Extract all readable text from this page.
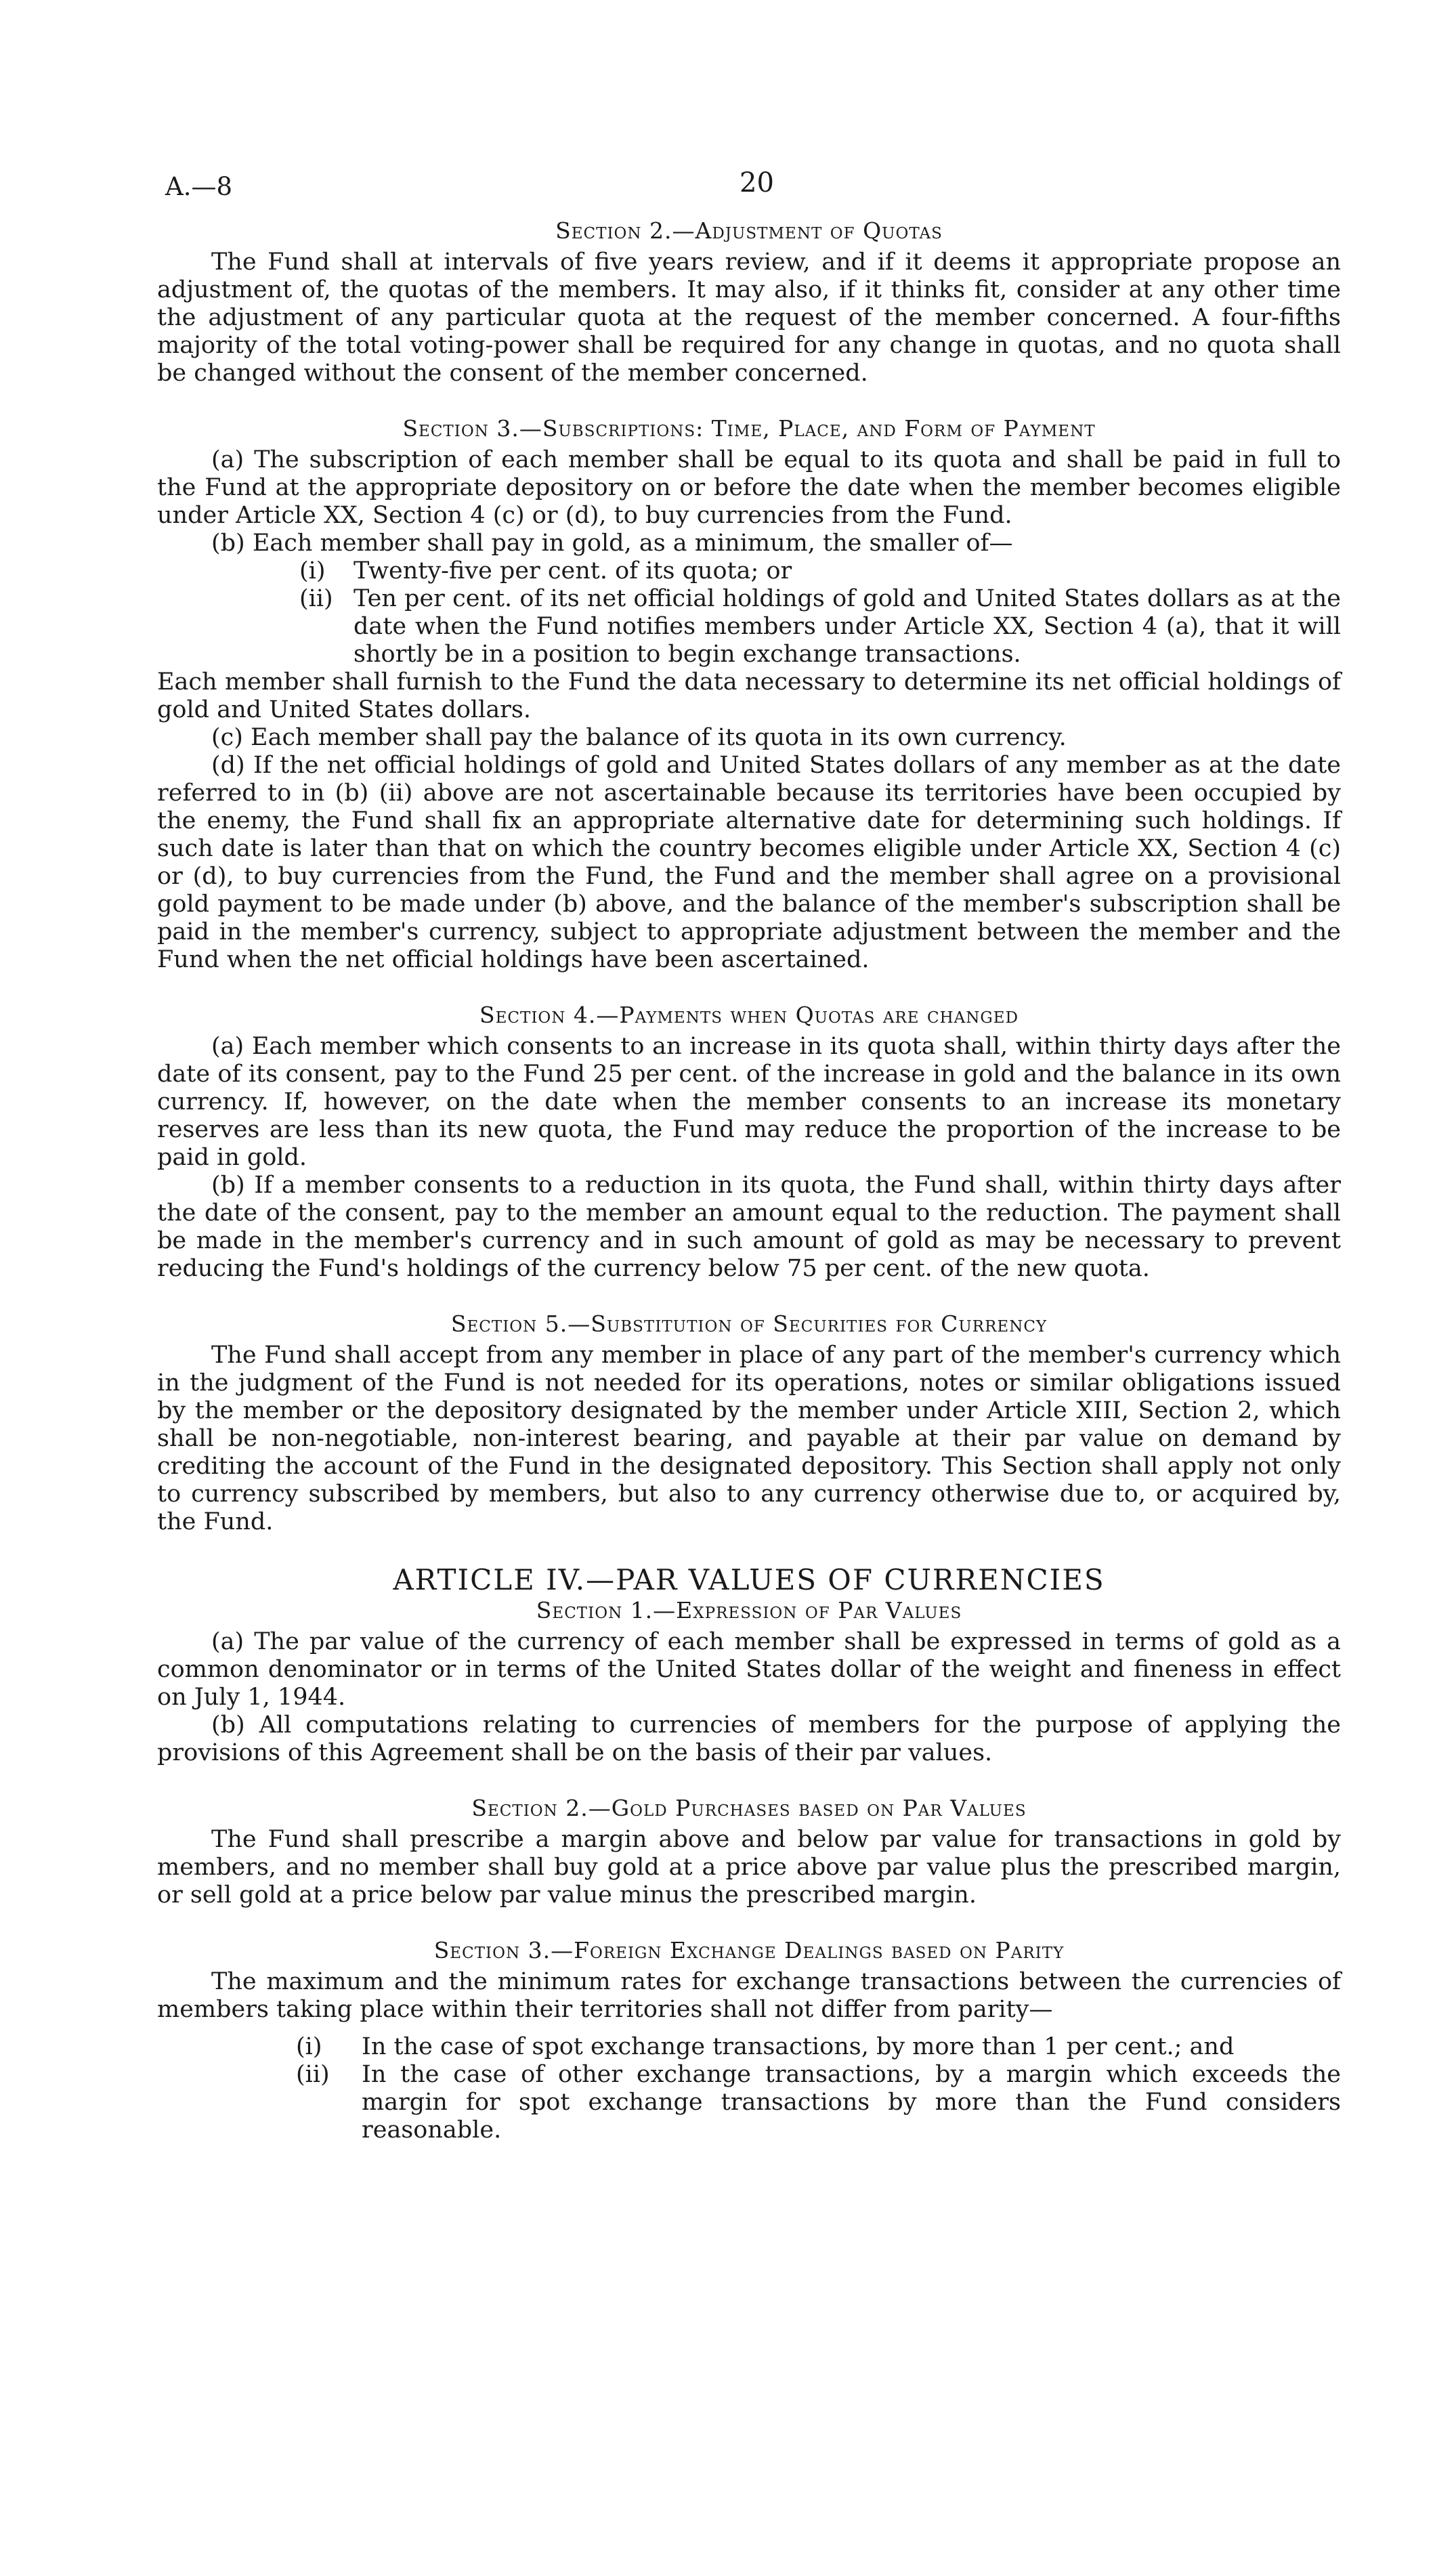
A.—8	20
Section 2.—Adjustment of Quotas

The Fund shall at intervals of five years review, and if it deems it appropriate propose an adjustment of, the quotas of the members. It may also, if it thinks fit, consider at any other time the adjustment of any particular quota at the request of the member concerned. A four-fifths majority of the total voting-power shall be required for any change in quotas, and no quota shall be changed without the consent of the member concerned.

Section 3.—Subscriptions: Time, Place, and Form of Payment

(a) The subscription of each member shall be equal to its quota and shall be paid in full to the Fund at the appropriate depository on or before the date when the member becomes eligible under Article XX, Section 4 (c) or (d), to buy currencies from the Fund.

(b) Each member shall pay in gold, as a minimum, the smaller of—

(i) Twenty-five per cent. of its quota; or
(ii) Ten per cent. of its net official holdings of gold and United States dollars as at the date when the Fund notifies members under Article XX, Section 4 (a), that it will shortly be in a position to begin exchange transactions.

Each member shall furnish to the Fund the data necessary to determine its net official holdings of gold and United States dollars.

(c) Each member shall pay the balance of its quota in its own currency.

(d) If the net official holdings of gold and United States dollars of any member as at the date referred to in (b) (ii) above are not ascertainable because its territories have been occupied by the enemy, the Fund shall fix an appropriate alternative date for determining such holdings. If such date is later than that on which the country becomes eligible under Article XX, Section 4 (c) or (d), to buy currencies from the Fund, the Fund and the member shall agree on a provisional gold payment to be made under (b) above, and the balance of the member's subscription shall be paid in the member's currency, subject to appropriate adjustment between the member and the Fund when the net official holdings have been ascertained.

Section 4.—Payments when Quotas are changed

(a) Each member which consents to an increase in its quota shall, within thirty days after the date of its consent, pay to the Fund 25 per cent. of the increase in gold and the balance in its own currency. If, however, on the date when the member consents to an increase its monetary reserves are less than its new quota, the Fund may reduce the proportion of the increase to be paid in gold.

(b) If a member consents to a reduction in its quota, the Fund shall, within thirty days after the date of the consent, pay to the member an amount equal to the reduction. The payment shall be made in the member's currency and in such amount of gold as may be necessary to prevent reducing the Fund's holdings of the currency below 75 per cent. of the new quota.

Section 5.—Substitution of Securities for Currency

The Fund shall accept from any member in place of any part of the member's currency which in the judgment of the Fund is not needed for its operations, notes or similar obligations issued by the member or the depository designated by the member under Article XIII, Section 2, which shall be non-negotiable, non-interest bearing, and payable at their par value on demand by crediting the account of the Fund in the designated depository. This Section shall apply not only to currency subscribed by members, but also to any currency otherwise due to, or acquired by, the Fund.

ARTICLE IV.—PAR VALUES OF CURRENCIES
Section 1.—Expression of Par Values

(a) The par value of the currency of each member shall be expressed in terms of gold as a common denominator or in terms of the United States dollar of the weight and fineness in effect on July 1, 1944.

(b) All computations relating to currencies of members for the purpose of applying the provisions of this Agreement shall be on the basis of their par values.

Section 2.—Gold Purchases based on Par Values

The Fund shall prescribe a margin above and below par value for transactions in gold by members, and no member shall buy gold at a price above par value plus the prescribed margin, or sell gold at a price below par value minus the prescribed margin.

Section 3.—Foreign Exchange Dealings based on Parity

The maximum and the minimum rates for exchange transactions between the currencies of members taking place within their territories shall not differ from parity—

(i) In the case of spot exchange transactions, by more than 1 per cent.; and
(ii) In the case of other exchange transactions, by a margin which exceeds the margin for spot exchange transactions by more than the Fund considers reasonable.
